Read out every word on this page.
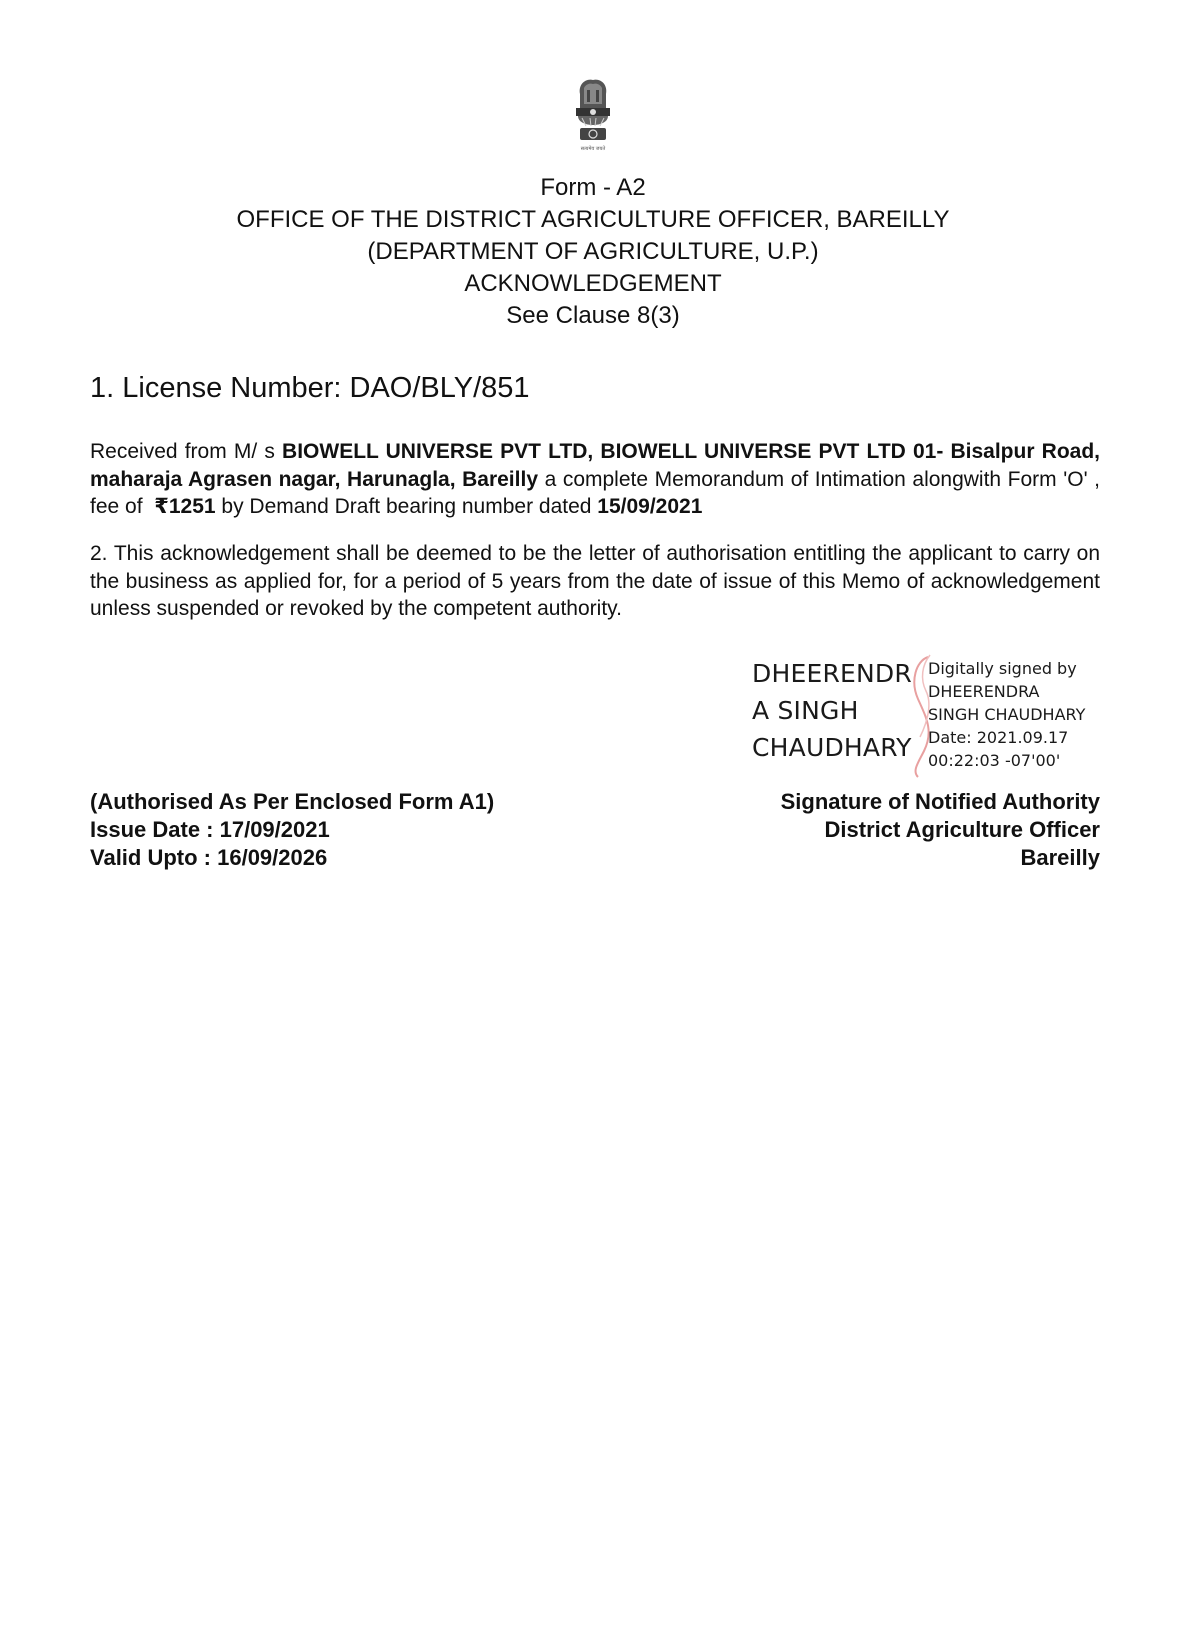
सत्यमेव जयते
Form - A2
OFFICE OF THE DISTRICT AGRICULTURE OFFICER, BAREILLY
(DEPARTMENT OF AGRICULTURE, U.P.)
ACKNOWLEDGEMENT
See Clause 8(3)
1. License Number: DAO/BLY/851
Received from M/ s BIOWELL UNIVERSE PVT LTD, BIOWELL UNIVERSE PVT LTD 01- Bisalpur Road, maharaja Agrasen nagar, Harunagla, Bareilly a complete Memorandum of Intimation alongwith Form 'O' , fee of ₹1251 by Demand Draft bearing number dated 15/09/2021
2. This acknowledgement shall be deemed to be the letter of authorisation entitling the applicant to carry on the business as applied for, for a period of 5 years from the date of issue of this Memo of acknowledgement unless suspended or revoked by the competent authority.
DHEERENDR
A SINGH
CHAUDHARY
Digitally signed by
DHEERENDRA
SINGH CHAUDHARY
Date: 2021.09.17
00:22:03 -07'00'
(Authorised As Per Enclosed Form A1)
Issue Date : 17/09/2021
Valid Upto : 16/09/2026
Signature of Notified Authority
District Agriculture Officer
Bareilly
